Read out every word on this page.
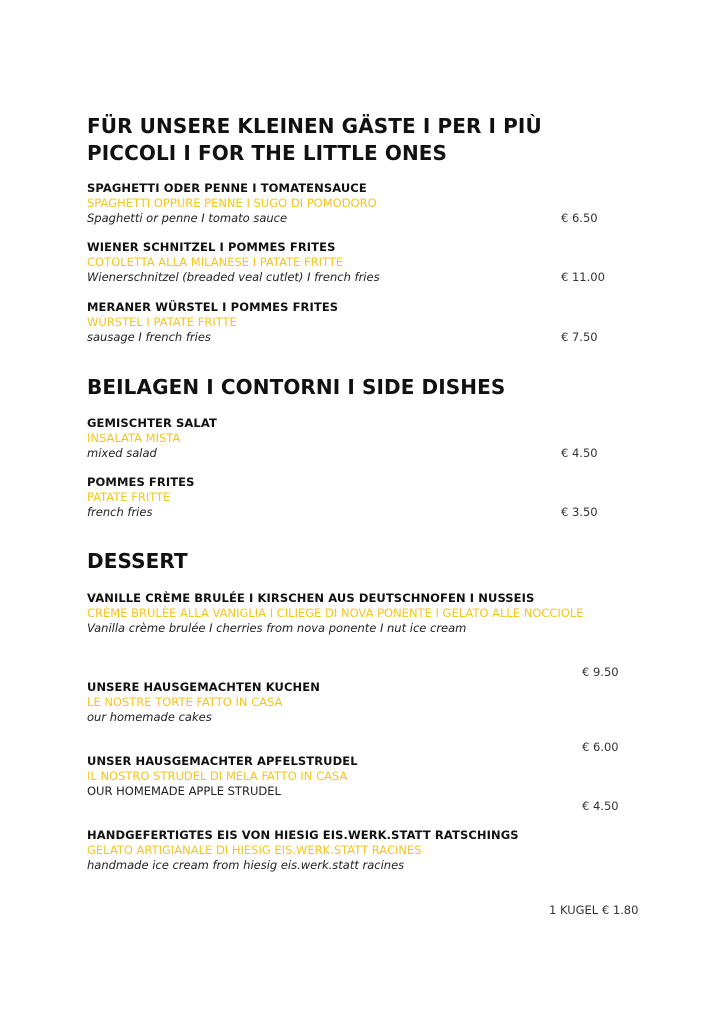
FÜR UNSERE KLEINEN GÄSTE I PER I PIÙ
PICCOLI I FOR THE LITTLE ONES
SPAGHETTI ODER PENNE I TOMATENSAUCE
SPAGHETTI OPPURE PENNE I SUGO DI POMODORO
Spaghetti or penne I tomato sauce	€ 6.50
WIENER SCHNITZEL I POMMES FRITES
COTOLETTA ALLA MILANESE I PATATE FRITTE
Wienerschnitzel (breaded veal cutlet) I french fries	€ 11.00
MERANER WÜRSTEL I POMMES FRITES
WÜRSTEL I PATATE FRITTE
sausage I french fries	€ 7.50
BEILAGEN I CONTORNI I SIDE DISHES
GEMISCHTER SALAT
INSALATA MISTA
mixed salad	€ 4.50
POMMES FRITES
PATATE FRITTE
french fries	€ 3.50
DESSERT
VANILLE CRÈME BRULÉE I KIRSCHEN AUS DEUTSCHNOFEN I NUSSEIS
CRÈME BRULÈE ALLA VANIGLIA I CILIEGE DI NOVA PONENTE I GELATO ALLE NOCCIOLE
Vanilla crème brulée I cherries from nova ponente I nut ice cream
€ 9.50
UNSERE HAUSGEMACHTEN KUCHEN
LE NOSTRE TORTE FATTO IN CASA
our homemade cakes
€ 6.00
UNSER HAUSGEMACHTER APFELSTRUDEL
IL NOSTRO STRUDEL DI MELA FATTO IN CASA
OUR HOMEMADE APPLE STRUDEL
€ 4.50
HANDGEFERTIGTES EIS VON HIESIG EIS.WERK.STATT RATSCHINGS
GELATO ARTIGIANALE DI HIESIG EIS.WERK.STATT RACINES
handmade ice cream from hiesig eis.werk.statt racines
1 KUGEL € 1.80
